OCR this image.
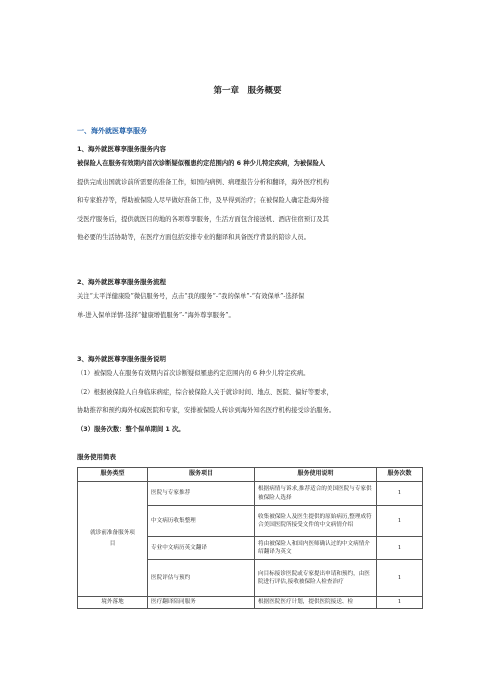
第一章　服务概要
一、海外就医尊享服务
1、海外就医尊享服务服务内容
被保险人在服务有效期内首次诊断疑似罹患约定范围内的 6 种少儿特定疾病，为被保险人
提供完成出国就诊前所需要的准备工作，如国内病例、病理报告分析和翻译，海外医疗机构
和专家推荐等，帮助被保险人尽早做好准备工作，及早得到治疗；在被保险人确定赴海外接
受医疗服务后，提供就医目的地的各项尊享服务，生活方面包含接送机、酒店住宿预订及其
他必要的生活协助等，在医疗方面包括安排专业的翻译和具备医疗背景的陪诊人员。
2、海外就医尊享服务服务流程
关注“太平洋健康险”微信服务号，点击“我的服务”-“我的保单”-“有效保单”-选择保
单-进入保单详情-选择“健康增值服务”-“海外尊享服务”。
3、海外就医尊享服务服务说明
（1）被保险人在服务有效期内首次诊断疑似罹患约定范围内的 6 种少儿特定疾病。
（2）根据被保险人自身临床病症，综合被保险人关于就诊时间、地点、医院、偏好等要求，
协助推荐和预约海外权威医院和专家，安排被保险人转诊到海外知名医疗机构接受诊治服务。
（3）服务次数：整个保单期间 1 次。
服务使用简表
服务类型	服务项目	服务使用说明	服务次数

就诊前准备服务项目	医院与专家推荐	根据病情与诉求,推荐适合的美国医院与专家供被保险人选择	1
	中文病历收集整理	收集被保险人及医生提供的原始病历,整理成符合美国医院所接受文件的中文病情介绍	1
	专业中文病历英文翻译	将由被保险人和国内医师确认过的中文病情介绍翻译为英文	1
	医院评估与预约	向目标接诊医院或专家提出申请和预约，由医院进行评估,接收被保险人检查治疗	1
境外落地	医疗翻译陪同服务	根据医院医疗计划，提供医院接送、检	1
